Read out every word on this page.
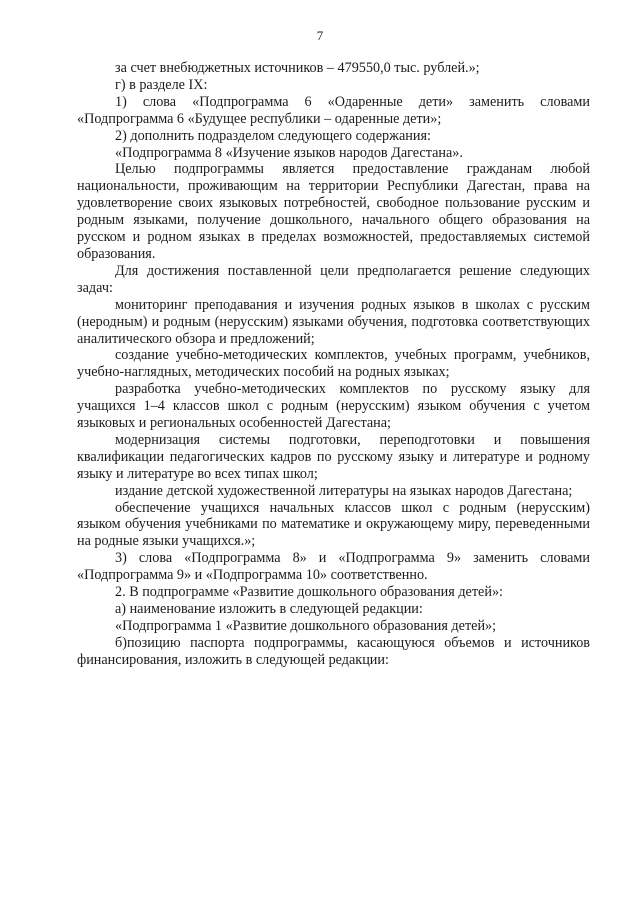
7

за счет внебюджетных источников – 479550,0 тыс. рублей.»;

г) в разделе IX:

1) слова «Подпрограмма 6 «Одаренные дети» заменить словами «Подпрограмма 6 «Будущее республики – одаренные дети»;

2) дополнить подразделом следующего содержания:

«Подпрограмма 8 «Изучение языков народов Дагестана».

Целью подпрограммы является предоставление гражданам любой национальности, проживающим на территории Республики Дагестан, права на удовлетворение своих языковых потребностей, свободное пользование русским и родным языками, получение дошкольного, начального общего образования на русском и родном языках в пределах возможностей, предоставляемых системой образования.

Для достижения поставленной цели предполагается решение следующих задач:

мониторинг преподавания и изучения родных языков в школах с русским (неродным) и родным (нерусским) языками обучения, подготовка соответствующих аналитического обзора и предложений;

создание учебно-методических комплектов, учебных программ, учебников, учебно-наглядных, методических пособий на родных языках;

разработка учебно-методических комплектов по русскому языку для учащихся 1–4 классов школ с родным (нерусским) языком обучения с учетом языковых и региональных особенностей Дагестана;

модернизация системы подготовки, переподготовки и повышения квалификации педагогических кадров по русскому языку и литературе и родному языку и литературе во всех типах школ;

издание детской художественной литературы на языках народов Дагестана;

обеспечение учащихся начальных классов школ с родным (нерусским) языком обучения учебниками по математике и окружающему миру, переведенными на родные языки учащихся.»;

3) слова «Подпрограмма 8» и «Подпрограмма 9» заменить словами «Подпрограмма 9» и «Подпрограмма 10» соответственно.

2. В подпрограмме «Развитие дошкольного образования детей»:

а) наименование изложить в следующей редакции:

«Подпрограмма 1 «Развитие дошкольного образования детей»;

б)позицию паспорта подпрограммы, касающуюся объемов и источников финансирования, изложить в следующей редакции:
